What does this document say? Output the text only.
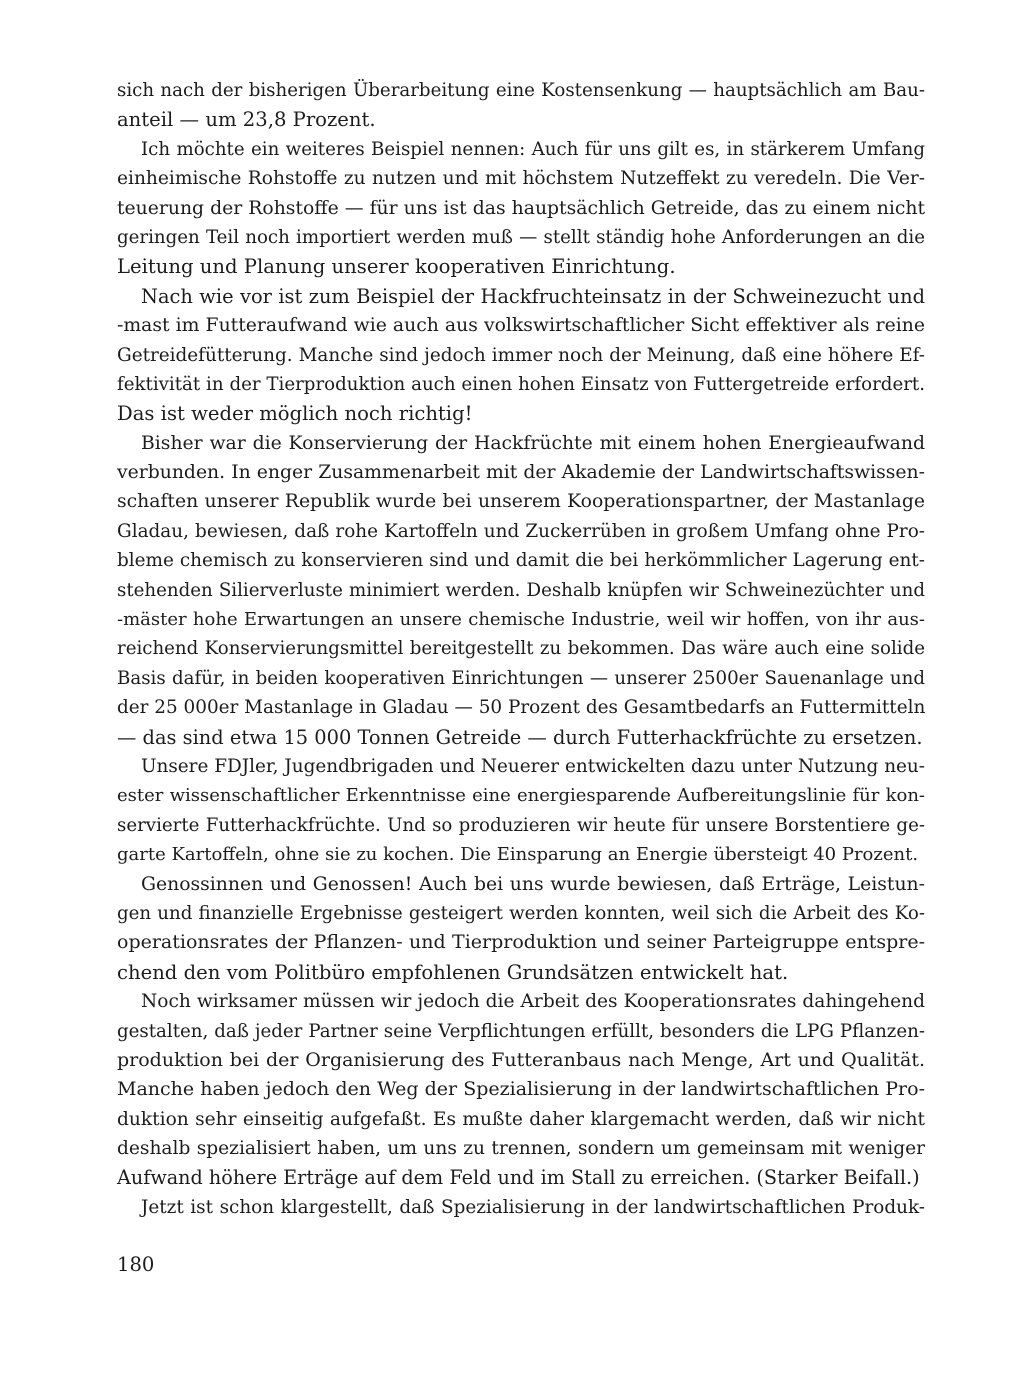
sich nach der bisherigen Überarbeitung eine Kostensenkung — hauptsächlich am Bau-
anteil — um 23,8 Prozent.

Ich möchte ein weiteres Beispiel nennen: Auch für uns gilt es, in stärkerem Umfang
einheimische Rohstoffe zu nutzen und mit höchstem Nutzeffekt zu veredeln. Die Ver-
teuerung der Rohstoffe — für uns ist das hauptsächlich Getreide, das zu einem nicht
geringen Teil noch importiert werden muß — stellt ständig hohe Anforderungen an die
Leitung und Planung unserer kooperativen Einrichtung.

Nach wie vor ist zum Beispiel der Hackfruchteinsatz in der Schweinezucht und
-mast im Futteraufwand wie auch aus volkswirtschaftlicher Sicht effektiver als reine
Getreidefütterung. Manche sind jedoch immer noch der Meinung, daß eine höhere Ef-
fektivität in der Tierproduktion auch einen hohen Einsatz von Futtergetreide erfordert.
Das ist weder möglich noch richtig!

Bisher war die Konservierung der Hackfrüchte mit einem hohen Energieaufwand
verbunden. In enger Zusammenarbeit mit der Akademie der Landwirtschaftswissen-
schaften unserer Republik wurde bei unserem Kooperationspartner, der Mastanlage
Gladau, bewiesen, daß rohe Kartoffeln und Zuckerrüben in großem Umfang ohne Pro-
bleme chemisch zu konservieren sind und damit die bei herkömmlicher Lagerung ent-
stehenden Silierverluste minimiert werden. Deshalb knüpfen wir Schweinezüchter und
-mäster hohe Erwartungen an unsere chemische Industrie, weil wir hoffen, von ihr aus-
reichend Konservierungsmittel bereitgestellt zu bekommen. Das wäre auch eine solide
Basis dafür, in beiden kooperativen Einrichtungen — unserer 2500er Sauenanlage und
der 25 000er Mastanlage in Gladau — 50 Prozent des Gesamtbedarfs an Futtermitteln
— das sind etwa 15 000 Tonnen Getreide — durch Futterhackfrüchte zu ersetzen.

Unsere FDJler, Jugendbrigaden und Neuerer entwickelten dazu unter Nutzung neu-
ester wissenschaftlicher Erkenntnisse eine energiesparende Aufbereitungslinie für kon-
servierte Futterhackfrüchte. Und so produzieren wir heute für unsere Borstentiere ge-
garte Kartoffeln, ohne sie zu kochen. Die Einsparung an Energie übersteigt 40 Prozent.

Genossinnen und Genossen! Auch bei uns wurde bewiesen, daß Erträge, Leistun-
gen und finanzielle Ergebnisse gesteigert werden konnten, weil sich die Arbeit des Ko-
operationsrates der Pflanzen- und Tierproduktion und seiner Parteigruppe entspre-
chend den vom Politbüro empfohlenen Grundsätzen entwickelt hat.

Noch wirksamer müssen wir jedoch die Arbeit des Kooperationsrates dahingehend
gestalten, daß jeder Partner seine Verpflichtungen erfüllt, besonders die LPG Pflanzen-
produktion bei der Organisierung des Futteranbaus nach Menge, Art und Qualität.
Manche haben jedoch den Weg der Spezialisierung in der landwirtschaftlichen Pro-
duktion sehr einseitig aufgefaßt. Es mußte daher klargemacht werden, daß wir nicht
deshalb spezialisiert haben, um uns zu trennen, sondern um gemeinsam mit weniger
Aufwand höhere Erträge auf dem Feld und im Stall zu erreichen. (Starker Beifall.)

Jetzt ist schon klargestellt, daß Spezialisierung in der landwirtschaftlichen Produk-

180
